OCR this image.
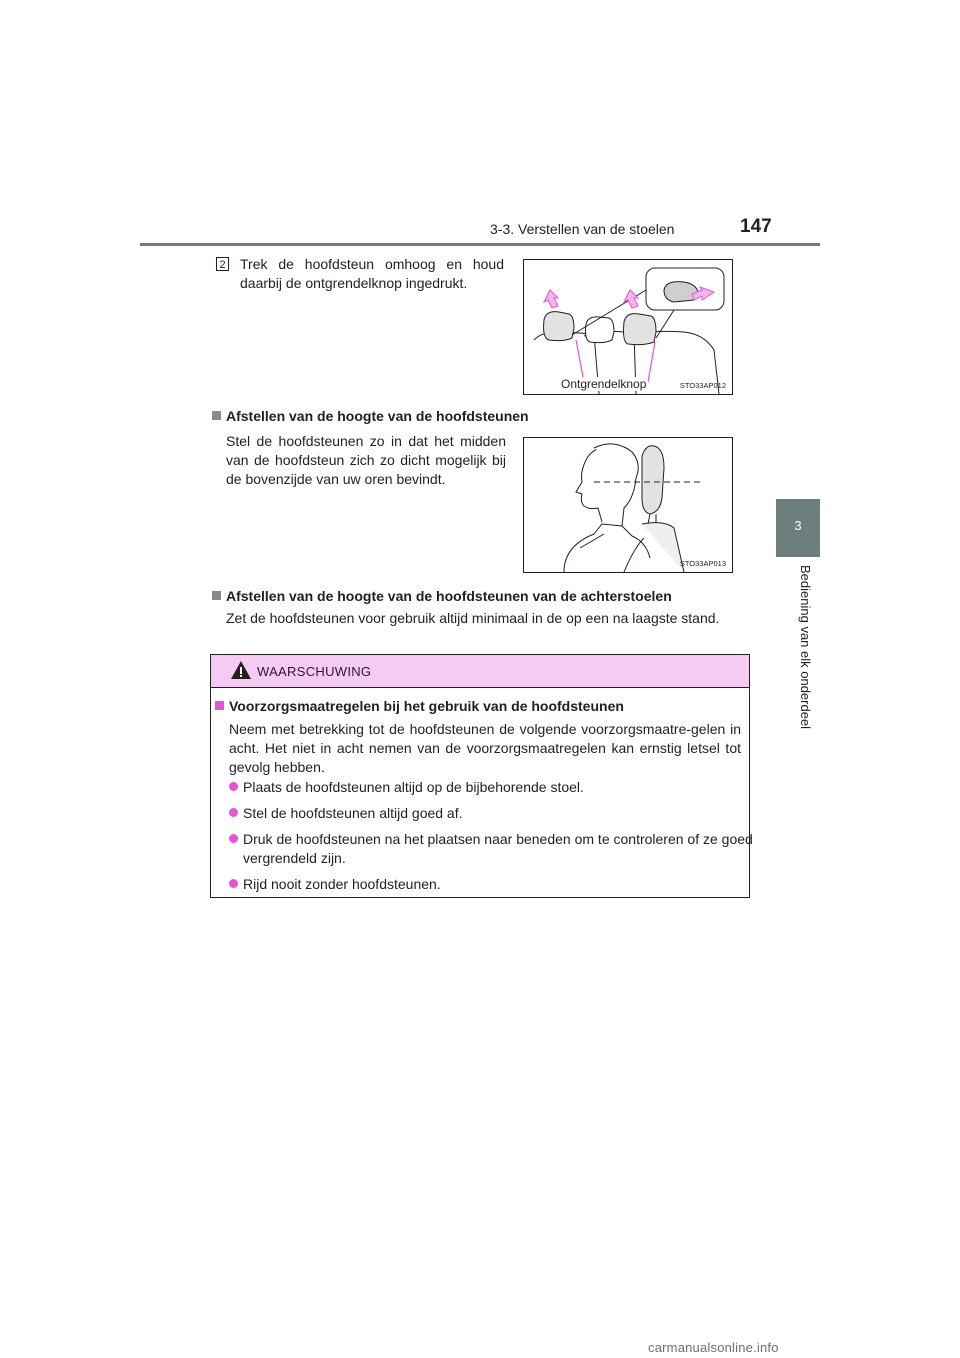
3-3. Verstellen van de stoelen	147
3
Bediening van elk onderdeel
2 Trek de hoofdsteun omhoog en houd daarbij de ontgrendelknop ingedrukt.
Ontgrendelknop	STO33AP012
Afstellen van de hoogte van de hoofdsteunen
Stel de hoofdsteunen zo in dat het midden van de hoofdsteun zich zo dicht mogelijk bij de bovenzijde van uw oren bevindt.
STO33AP013
Afstellen van de hoogte van de hoofdsteunen van de achterstoelen
Zet de hoofdsteunen voor gebruik altijd minimaal in de op een na laagste stand.
WAARSCHUWING
Voorzorgsmaatregelen bij het gebruik van de hoofdsteunen
Neem met betrekking tot de hoofdsteunen de volgende voorzorgsmaatre-gelen in acht. Het niet in acht nemen van de voorzorgsmaatregelen kan ernstig letsel tot gevolg hebben.
Plaats de hoofdsteunen altijd op de bijbehorende stoel.
Stel de hoofdsteunen altijd goed af.
Druk de hoofdsteunen na het plaatsen naar beneden om te controleren of ze goed vergrendeld zijn.
Rijd nooit zonder hoofdsteunen.
carmanualsonline.info
